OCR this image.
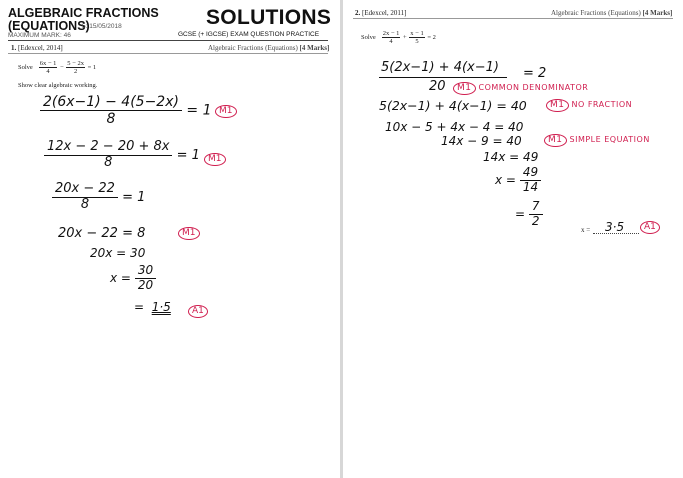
ALGEBRAIC FRACTIONS
(EQUATIONS)
5: 15/05/2018
MAXIMUM MARK: 46
SOLUTIONS
GCSE (+ IGCSE) EXAM QUESTION PRACTICE
1. [Edexcel, 2014]	Algebraic Fractions (Equations) [4 Marks]
Solve $\frac{6x - 1}{4} - \frac{5 - 2x}{2} = 1$
Show clear algebraic working.
$\frac{2(6x-1) - 4(5-2x)}{8} = 1$ M1
$\frac{12x - 2 - 20 + 8x}{8} = 1$ M1
$\frac{20x - 22}{8} = 1$
20x − 22 = 8	M1
20x = 30
$x = \frac{30}{20}$
= 1·5	A1
2. [Edexcel, 2011]	Algebraic Fractions (Equations) [4 Marks]
Solve $\frac{2x - 1}{4} + \frac{x - 1}{5} = 2$
5(2x−1) + 4(x−1) = 2
20	M1 COMMON DENOMINATOR
5(2x−1) + 4(x−1) = 40	M1 NO FRACTION
10x − 5 + 4x − 4 = 40
14x − 9 = 40	M1 SIMPLE EQUATION
14x = 49
$x = \frac{49}{14}$
= $\frac{7}{2}$
x = 3·5	A1
